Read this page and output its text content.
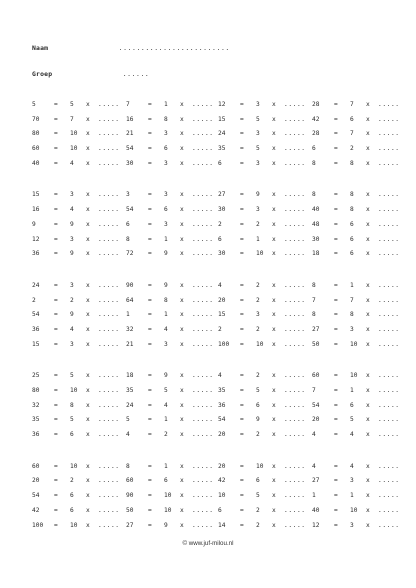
Naam	.........................
Groep	......
5	= 5 x ..... 7	= 1 x ..... 12	= 3 x ..... 28	= 7 x .....
70	= 7 x ..... 16	= 8 x ..... 15	= 5 x ..... 42	= 6 x .....
80	= 10 x ..... 21	= 3 x ..... 24	= 3 x ..... 28	= 7 x .....
60	= 10 x ..... 54	= 6 x ..... 35	= 5 x ..... 6	= 2 x .....
40	= 4 x ..... 30	= 3 x ..... 6	= 3 x ..... 8	= 8 x .....
15	= 3 x ..... 3	= 3 x ..... 27	= 9 x ..... 8	= 8 x .....
16	= 4 x ..... 54	= 6 x ..... 30	= 3 x ..... 40	= 8 x .....
9	= 9 x ..... 6	= 3 x ..... 2	= 2 x ..... 48	= 6 x .....
12	= 3 x ..... 8	= 1 x ..... 6	= 1 x ..... 30	= 6 x .....
36	= 9 x ..... 72	= 9 x ..... 30	= 10 x ..... 18	= 6 x .....
24	= 3 x ..... 90	= 9 x ..... 4	= 2 x ..... 8	= 1 x .....
2	= 2 x ..... 64	= 8 x ..... 20	= 2 x ..... 7	= 7 x .....
54	= 9 x ..... 1	= 1 x ..... 15	= 3 x ..... 8	= 8 x .....
36	= 4 x ..... 32	= 4 x ..... 2	= 2 x ..... 27	= 3 x .....
15	= 3 x ..... 21	= 3 x ..... 100	= 10 x ..... 50	= 10 x .....
25	= 5 x ..... 18	= 9 x ..... 4	= 2 x ..... 60	= 10 x .....
80	= 10 x ..... 35	= 5 x ..... 35	= 5 x ..... 7	= 1 x .....
32	= 8 x ..... 24	= 4 x ..... 36	= 6 x ..... 54	= 6 x .....
35	= 5 x ..... 5	= 1 x ..... 54	= 9 x ..... 20	= 5 x .....
36	= 6 x ..... 4	= 2 x ..... 20	= 2 x ..... 4	= 4 x .....
60	= 10 x ..... 8	= 1 x ..... 20	= 10 x ..... 4	= 4 x .....
20	= 2 x ..... 60	= 6 x ..... 42	= 6 x ..... 27	= 3 x .....
54	= 6 x ..... 90	= 10 x ..... 10	= 5 x ..... 1	= 1 x .....
42	= 6 x ..... 50	= 10 x ..... 6	= 2 x ..... 40	= 10 x .....
100	= 10 x ..... 27	= 9 x ..... 14	= 2 x ..... 12	= 3 x .....
© www.juf-milou.nl
